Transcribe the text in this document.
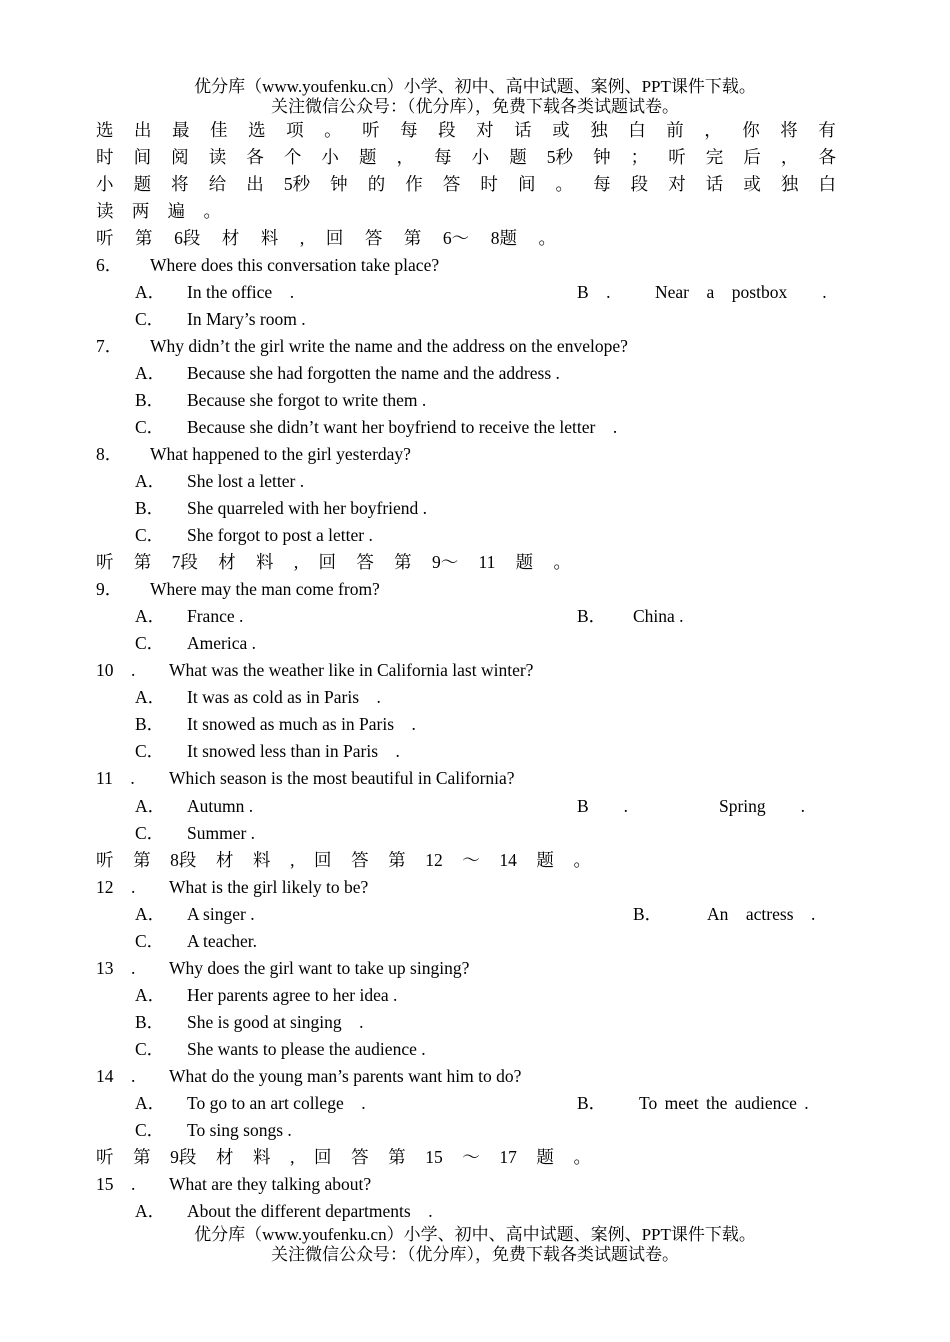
优分库（www.youfenku.cn）小学、初中、高中试题、案例、PPT课件下载。
关注微信公众号：（优分库），免费下载各类试题试卷。
选 出 最 佳 选 项 。 听 每 段 对 话 或 独 白 前 ， 你 将 有
时 间 阅 读 各 个 小 题 ， 每 小 题 5秒 钟 ； 听 完 后 ， 各
小 题 将 给 出 5秒 钟 的 作 答 时 间 。 每 段 对 话 或 独 白
读 两 遍 。
听 第 6段 材 料 , 回 答 第 6～ 8题 。
6． Where does this conversation take place?
A． In the office　.	B　.	Near　a　postbox　　.
C． In Mary’s room .
7． Why didn’t the girl write the name and the address on the envelope?
A． Because she had forgotten the name and the address .
B． Because she forgot to write them .
C． Because she didn’t want her boyfriend to receive the letter　.
8． What happened to the girl yesterday?
A． She lost a letter .
B． She quarreled with her boyfriend .
C． She forgot to post a letter .
听 第 7段 材 料 , 回 答 第 9～ 11 题 。
9． Where may the man come from?
A． France .	B． China .
C． America .
10　. What was the weather like in California last winter?
A． It was as cold as in Paris　.
B． It snowed as much as in Paris　.
C． It snowed less than in Paris　.
11　. Which season is the most beautiful in California?
A． Autumn .	B　　.	Spring　　.
C． Summer .
听 第 8段 材 料 , 回 答 第 12 ～ 14 题 。
12　. What is the girl likely to be?
A． A singer .	B．	An　actress　.
C． A teacher.
13　. Why does the girl want to take up singing?
A． Her parents agree to her idea .
B． She is good at singing　.
C． She wants to please the audience .
14　. What do the young man’s parents want him to do?
A． To go to an art college　.	B． To meet the audience .
C． To sing songs .
听 第 9段 材 料 , 回 答 第 15 ～ 17 题 。
15　. What are they talking about?
A． About the different departments　.
优分库（www.youfenku.cn）小学、初中、高中试题、案例、PPT课件下载。
关注微信公众号：（优分库），免费下载各类试题试卷。
